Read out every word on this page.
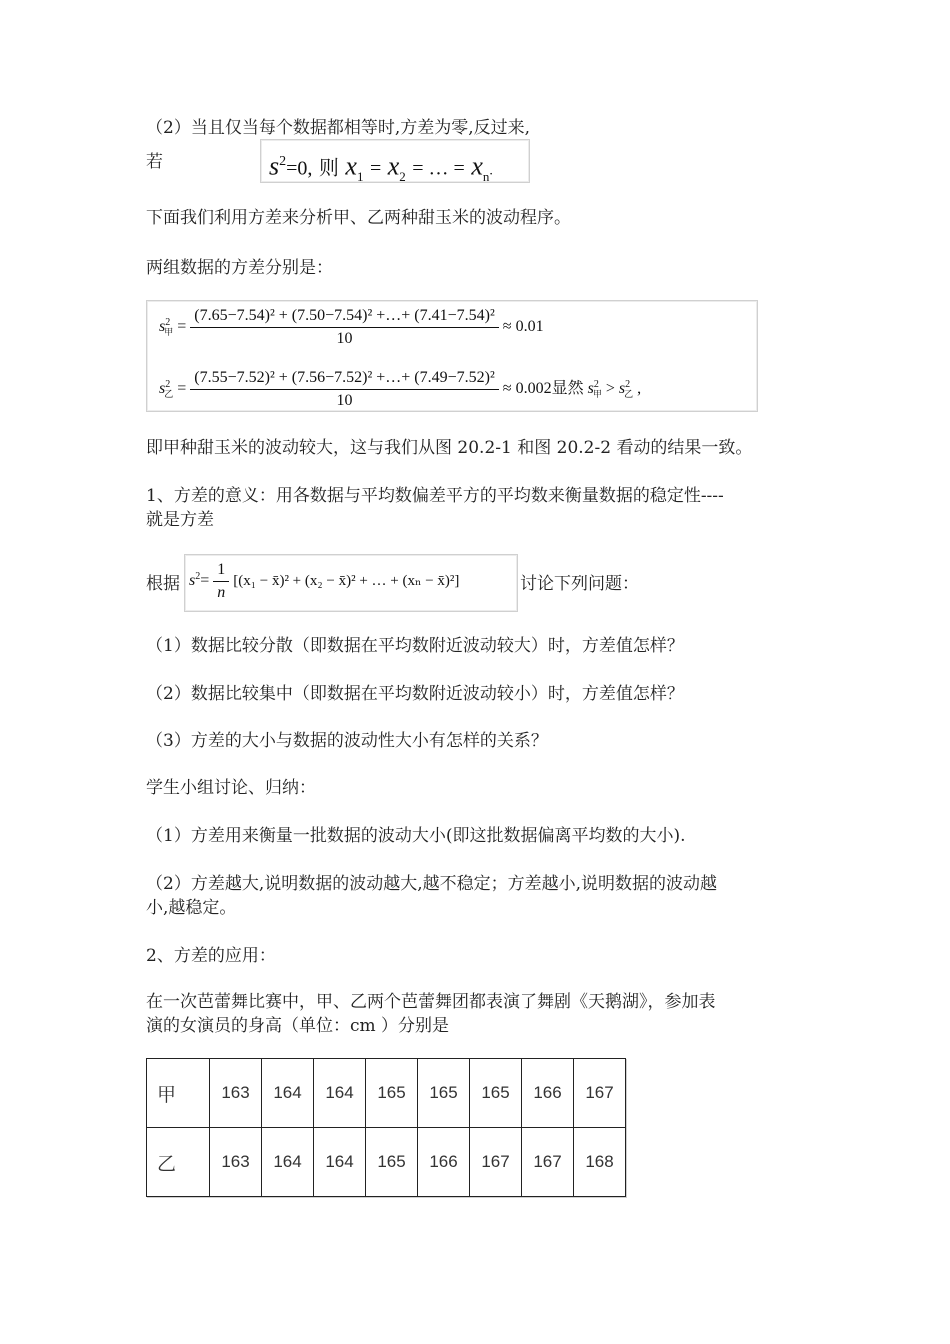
（2）当且仅当每个数据都相等时,方差为零,反过来,
若	$s^2=0$, 则 $x_1 = x_2$ = … = $x_n$.
下面我们利用方差来分析甲、乙两种甜玉米的波动程序。
两组数据的方差分别是：
$s^2_甲 = \frac{\text{(7.65−7.54)² + (7.50−7.54)² +…+ (7.41−7.54)²}}{10} \approx 0.01$
$s^2_乙 = \frac{\text{(7.55−7.52)² + (7.56−7.52)² +…+ (7.49−7.52)²}}{10} \approx 0.002$显然 $s^2_甲 > s^2_乙$ ,
即甲种甜玉米的波动较大，这与我们从图 20.2-1 和图 20.2-2 看动的结果一致。
1、方差的意义：用各数据与平均数偏差平方的平均数来衡量数据的稳定性----
就是方差
根据 $s^2= \frac{1}{n} [(x_1$ − x̄)² + (x₂ − x̄)² + … + (xₙ − x̄)²]	讨论下列问题：
（1）数据比较分散（即数据在平均数附近波动较大）时，方差值怎样？
（2）数据比较集中（即数据在平均数附近波动较小）时，方差值怎样？
（3）方差的大小与数据的波动性大小有怎样的关系？
学生小组讨论、归纳：
（1）方差用来衡量一批数据的波动大小(即这批数据偏离平均数的大小).
（2）方差越大,说明数据的波动越大,越不稳定；方差越小,说明数据的波动越
小,越稳定。
2、方差的应用：
在一次芭蕾舞比赛中，甲、乙两个芭蕾舞团都表演了舞剧《天鹅湖》，参加表
演的女演员的身高（单位：cm ）分别是
甲	163	164	164	165	165	165	166	167
乙	163	164	164	165	166	167	167	168
